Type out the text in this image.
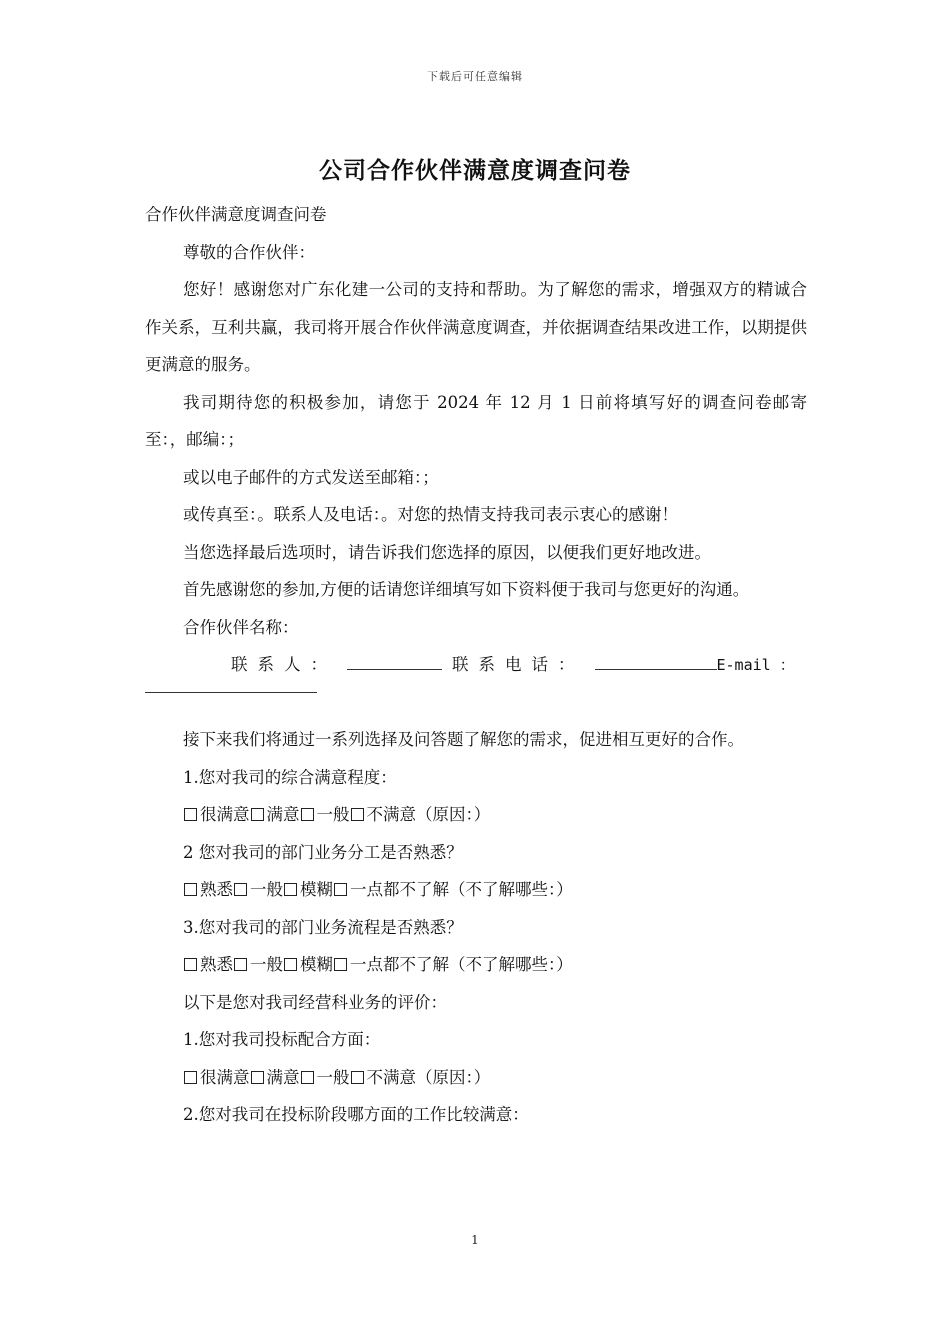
下载后可任意编辑
公司合作伙伴满意度调查问卷

合作伙伴满意度调查问卷

尊敬的合作伙伴：

您好！感谢您对广东化建一公司的支持和帮助。为了解您的需求，增强双方的精诚合作关系，互利共赢，我司将开展合作伙伴满意度调查，并依据调查结果改进工作，以期提供更满意的服务。

我司期待您的积极参加，请您于 2024 年 12 月 1 日前将填写好的调查问卷邮寄至：，邮编：；

或以电子邮件的方式发送至邮箱：；

或传真至：。联系人及电话：。对您的热情支持我司表示衷心的感谢！

当您选择最后选项时，请告诉我们您选择的原因，以便我们更好地改进。

首先感谢您的参加,方便的话请您详细填写如下资料便于我司与您更好的沟通。

合作伙伴名称：

联系人：	联系电话：	E-mail ：

接下来我们将通过一系列选择及问答题了解您的需求，促进相互更好的合作。

1.您对我司的综合满意程度：

很满意 满意 一般 不满意（原因：）

2 您对我司的部门业务分工是否熟悉？

熟悉 一般 模糊 一点都不了解（不了解哪些：）

3.您对我司的部门业务流程是否熟悉？

熟悉 一般 模糊 一点都不了解（不了解哪些：）

以下是您对我司经营科业务的评价：

1.您对我司投标配合方面：

很满意 满意 一般 不满意（原因：）

2.您对我司在投标阶段哪方面的工作比较满意：

1
